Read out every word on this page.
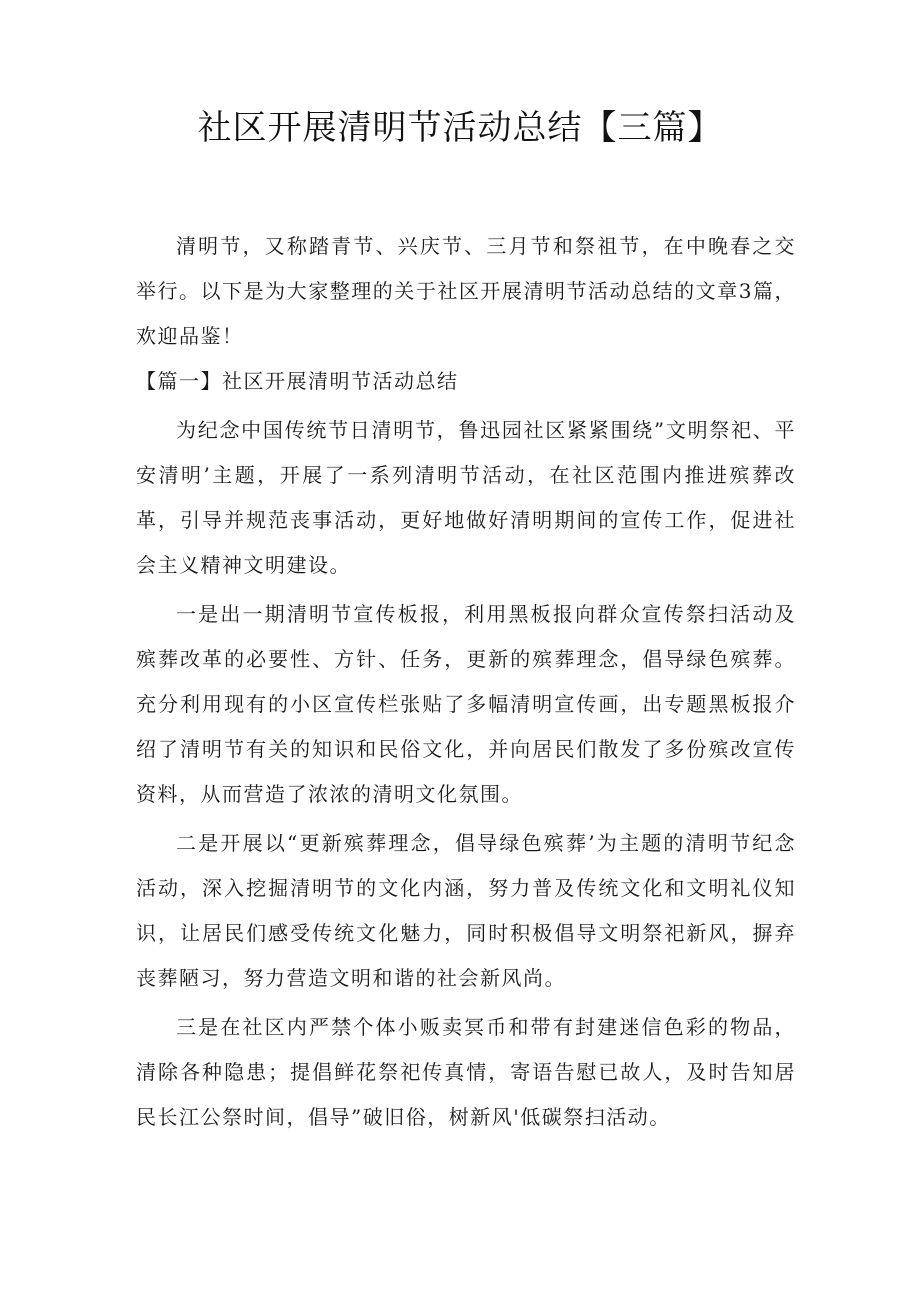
社区开展清明节活动总结【三篇】

清明节，又称踏青节、兴庆节、三月节和祭祖节，在中晚春之交举行。以下是为大家整理的关于社区开展清明节活动总结的文章3篇，欢迎品鉴！

【篇一】社区开展清明节活动总结

为纪念中国传统节日清明节，鲁迅园社区紧紧围绕”文明祭祀、平安清明’主题，开展了一系列清明节活动，在社区范围内推进殡葬改革，引导并规范丧事活动，更好地做好清明期间的宣传工作，促进社会主义精神文明建设。

一是出一期清明节宣传板报，利用黑板报向群众宣传祭扫活动及殡葬改革的必要性、方针、任务，更新的殡葬理念，倡导绿色殡葬。充分利用现有的小区宣传栏张贴了多幅清明宣传画，出专题黑板报介绍了清明节有关的知识和民俗文化，并向居民们散发了多份殡改宣传资料，从而营造了浓浓的清明文化氛围。

二是开展以“更新殡葬理念，倡导绿色殡葬’为主题的清明节纪念活动，深入挖掘清明节的文化内涵，努力普及传统文化和文明礼仪知识，让居民们感受传统文化魅力，同时积极倡导文明祭祀新风，摒弃丧葬陋习，努力营造文明和谐的社会新风尚。

三是在社区内严禁个体小贩卖冥币和带有封建迷信色彩的物品，清除各种隐患；提倡鲜花祭祀传真情，寄语告慰已故人，及时告知居民长江公祭时间，倡导”破旧俗，树新风'低碳祭扫活动。
